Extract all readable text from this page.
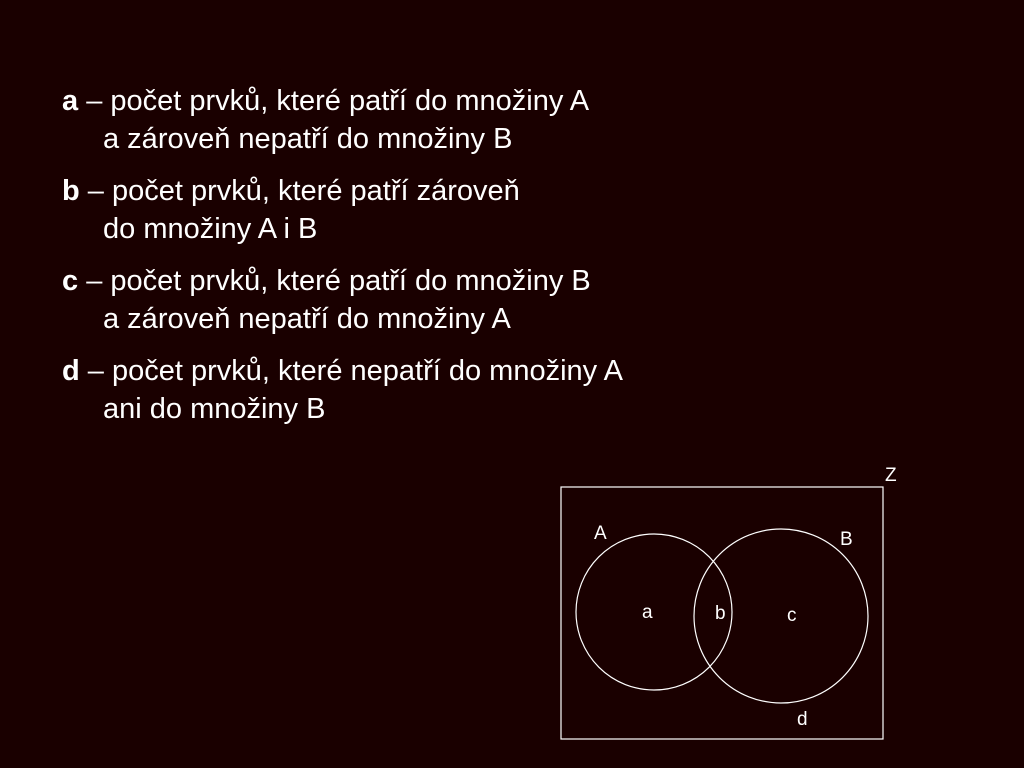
a – počet prvků, které patří do množiny A
a zároveň nepatří do množiny B
b – počet prvků, které patří zároveň
do množiny A i B
c – počet prvků, které patří do množiny B
a zároveň nepatří do množiny A
d – počet prvků, které nepatří do množiny A
ani do množiny B
Z
A	B
a	b	c
d
